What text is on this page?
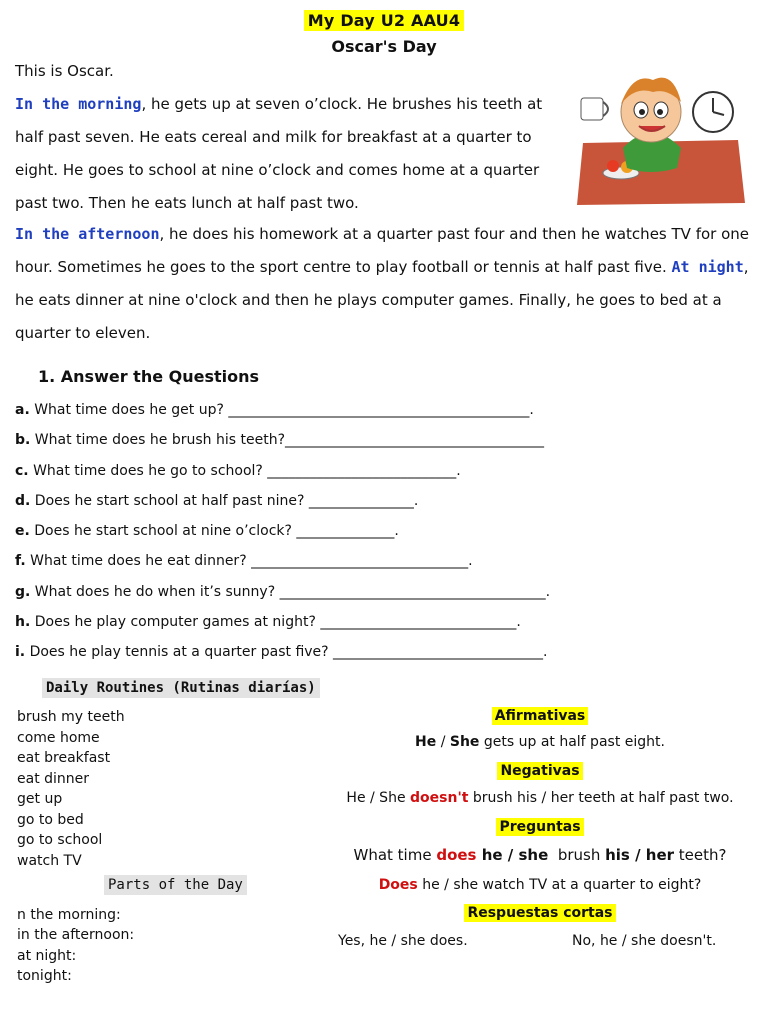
My Day U2 AAU4
Oscar's Day

This is Oscar.
In the morning, he gets up at seven o’clock. He brushes his teeth at half past seven. He eats cereal and milk for breakfast at a quarter to eight. He goes to school at nine o’clock and comes home at a quarter past two. Then he eats lunch at half past two.

In the afternoon, he does his homework at a quarter past four and then he watches TV for one hour. Sometimes he goes to the sport centre to play football or tennis at half past five. At night, he eats dinner at nine o'clock and then he plays computer games. Finally, he goes to bed at a quarter to eleven.

1. Answer the Questions
a. What time does he get up? ___________________________________________.
b. What time does he brush his teeth?_____________________________________
c. What time does he go to school? ___________________________.
d. Does he start school at half past nine? _______________.
e. Does he start school at nine o’clock? ______________.
f. What time does he eat dinner? _______________________________.
g. What does he do when it’s sunny? ______________________________________.
h. Does he play computer games at night? ____________________________.
i. Does he play tennis at a quarter past five? ______________________________.
Daily Routines (Rutinas diarías)
brush my teeth
come home
eat breakfast
eat dinner
get up
go to bed
go to school
watch TV
Parts of the Day
n the morning:
in the afternoon:
at night:
tonight:
Afirmativas
He / She gets up at half past eight.
Negativas
He / She doesn't brush his / her teeth at half past two.
Preguntas
What time does he / she  brush his / her teeth?
Does he / she watch TV at a quarter to eight?
Respuestas cortas
Yes, he / she does.	No, he / she doesn't.
